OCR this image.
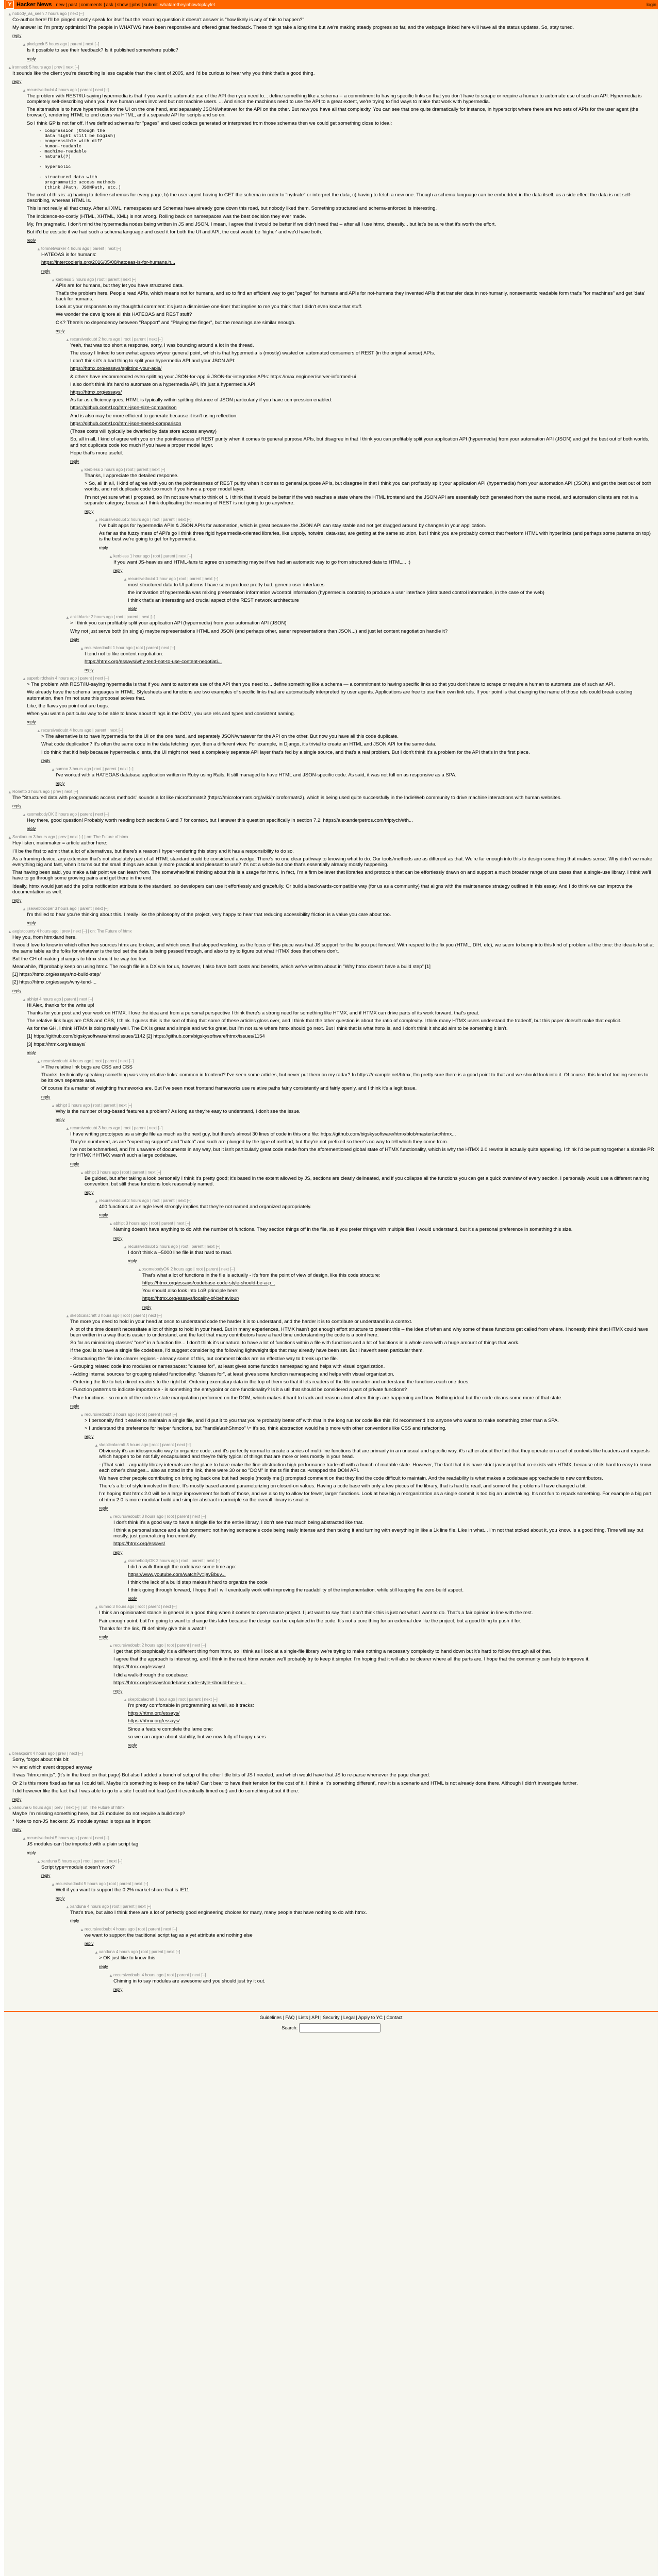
Y Hacker News new | past | comments | ask | show | jobs | submit whataretheyinhowtoplaylet	login
▲ nobody_as_seen 7 hours ago | next [–]

Co-author here! I'll be pinged mostly speak for itself but the recurring question it doesn't answer is "how likely is any of this to happen?"

My answer is: I'm pretty optimistic! The people in WHATWG have been responsive and offered great feedback. These things take a long time but we're making steady progress so far, and the webpage linked here will have all the status updates. So, stay tuned.

reply
▲ pixelgeek 5 hours ago | parent | next [–]

Is it possible to see their feedback? Is it published somewhere public?

reply
▲ ironneck 5 hours ago | prev | next [–]

It sounds like the client you're describing is less capable than the client of 2005, and I'd be curious to hear why you think that's a good thing.

reply
▲ recursivedoubt 4 hours ago | parent | next [–]

The problem with REST/IU-saying hypermedia is that if you want to automate use of the API then you need to... define something like a schema -- a commitment to having specific links so that you don't have to scrape or require a human to automate use of such an API. Hypermedia is completely self-describing when you have human users involved but not machine users. ... And since the machines need to use the API to a great extent, we're trying to find ways to make that work with hypermedia.

The alternative is to have hypermedia for the UI on the one hand, and separately JSON/whatever for the API on the other. But now you have all that complexity. You can see that one quite dramatically for instance, in hyperscript where there are two sets of APIs for the user agent (the browser), rendering HTML to end users via HTML, and a separate API for scripts and so on.

So I think GP is not far off. If we defined schemas for "pages" and used codecs generated or interpreted from those schemas then we could get something close to ideal:

- compression (though the
data might still be bigish)
- compressible with diff
- human-readable
- machine-readable
- natural(?)

- hyperbolic

- structured data with
programmatic access methods
(think JPath, JSONPath, etc.)

The cost of this is: a) having to define schemas for every page, b) the user-agent having to GET the schema in order to "hydrate" or interpret the data, c) having to fetch a new one. Though a schema language can be embedded in the data itself, as a side effect the data is not self-describing, whereas HTML is.

This is not really all that crazy. After all XML, namespaces and Schemas have already gone down this road, but nobody liked them. Something structured and schema-enforced is interesting.

The incidence-so-costly (HTML, XHTML, XML) is not wrong. Rolling back on namespaces was the best decision they ever made.

My, I'm pragmatic. I don't mind the hypermedia nodes being written in JS and JSON. I mean, I agree that it would be better if we didn't need that -- after all I use htmx, cheesily... but let's be sure that it's worth the effort.

But it'd be ecstatic if we had such a schema language and used it for both the UI and API, the cost would be 'higher' and we'd have both.

reply
▲ tomnetworker 4 hours ago | parent | next [–]

HATEOAS is for humans:

https://intercoolerjs.org/2016/05/08/hatoeas-is-for-humans.h...

reply
▲ kerbless 3 hours ago | root | parent | next [–]

APIs are for humans, but they let you have structured data.

That's the problem here. People read APIs, which means not for humans, and so to find an efficient way to get "pages" for humans and APIs for not-humans they invented APIs that transfer data in not-humanly, nonsemantic readable form that's "for machines" and get 'data' back for humans.

Look at your responses to my thoughtful comment: it's just a dismissive one-liner that implies to me you think that I didn't even know that stuff.

We wonder the devs ignore all this HATEOAS and REST stuff?

OK? There's no dependency between "Rapport" and "Playing the finger", but the meanings are similar enough.

reply
▲ recursivedoubt 2 hours ago | root | parent | next [–]

Yeah, that was too short a response, sorry, I was bouncing around a lot in the thread.

The essay I linked to somewhat agrees w/your general point, which is that hypermedia is (mostly) wasted on automated consumers of REST (in the original sense) APIs.

I don't think it's a bad thing to split your hypermedia API and your JSON API:

https://htmx.org/essays/splitting-your-apis/

& others have recommended even splitting your JSON-for-app & JSON-for-integration APIs: https://max.engineer/server-informed-ui

I also don't think it's hard to automate on a hypermedia API, it's just a hypermedia API

https://htmx.org/essays/

As far as efficiency goes, HTML is typically within spitting distance of JSON particularly if you have compression enabled:

https://github.com/1cg/html-json-size-comparison

And is also may be more efficient to generate because it isn't using reflection:

https://github.com/1cg/html-json-speed-comparison

(Those costs will typically be dwarfed by data store access anyway)

So, all in all, I kind of agree with you on the pointlessness of REST purity when it comes to general purpose APIs, but disagree in that I think you can profitably split your application API (hypermedia) from your automation API (JSON) and get the best out of both worlds, and not duplicate code too much if you have a proper model layer.

Hope that's more useful.

reply
▲ kerbless 2 hours ago | root | parent | next [–]

Thanks, I appreciate the detailed response.

> So, all in all, I kind of agree with you on the pointlessness of REST purity when it comes to general purpose APIs, but disagree in that I think you can profitably split your application API (hypermedia) from your automation API (JSON) and get the best out of both worlds, and not duplicate code too much if you have a proper model layer.

I'm not yet sure what I proposed, so I'm not sure what to think of it. I think that it would be better if the web reaches a state where the HTML frontend and the JSON API are essentially both generated from the same model, and automation clients are not in a separate category, because I think duplicating the meaning of REST is not going to go anywhere.

reply
▲ recursivedoubt 2 hours ago | root | parent | next [–]

I've built apps for hypermedia APIs & JSON APIs for automation, which is great because the JSON API can stay stable and not get dragged around by changes in your application.

As far as the fuzzy mess of API's go I think three rigid hypermedia-oriented libraries, like unpoly, hotwire, data-star, are getting at the same solution, but I think you are probably correct that freeform HTML with hyperlinks (and perhaps some patterns on top) is the best we're going to get for hypermedia.

reply
▲ kerbless 1 hour ago | root | parent | next [–]

If you want JS-heavies and HTML-fans to agree on something maybe if we had an automatic way to go from structured data to HTML... :)

reply
▲ recursivedoubt 1 hour ago | root | parent | next [–]

most structured data to UI patterns I have seen produce pretty bad, generic user interfaces

the innovation of hypermedia was mixing presentation information w/control information (hypermedia controls) to produce a user interface (distributed control information, in the case of the web)

I think that's an interesting and crucial aspect of the REST network architecture

reply
▲ ankitblackr 2 hours ago | root | parent | next [–]

> I think you can profitably split your application API (hypermedia) from your automation API (JSON)

Why not just serve both (in single) maybe representations HTML and JSON (and perhaps other, saner representations than JSON...) and just let content negotiation handle it?

reply
▲ recursivedoubt 1 hour ago | root | parent | next [–]

I tend not to like content negotiation:

https://htmx.org/essays/why-tend-not-to-use-content-negotiati...

reply
▲ superbirdchain 4 hours ago | parent | next [–]

> The problem with REST/IU-saying hypermedia is that if you want to automate use of the API then you need to... define something like a schema — a commitment to having specific links so that you don't have to scrape or require a human to automate use of such an API.

We already have the schema languages in HTML. Stylesheets and functions are two examples of specific links that are automatically interpreted by user agents. Applications are free to use their own link rels. If your point is that changing the name of those rels could break existing automation, then I'm not sure this proposal solves that.

Like, the flaws you point out are bugs.

When you want a particular way to be able to know about things in the DOM, you use rels and types and consistent naming.

reply
▲ recursivedoubt 4 hours ago | parent | next [–]

> The alternative is to have hypermedia for the UI on the one hand, and separately JSON/whatever for the API on the other. But now you have all this code duplicate.

What code duplication? It's often the same code in the data fetching layer, then a different view. For example, in Django, it's trivial to create an HTML and JSON API for the same data.

I do think that it'd help because hypermedia clients, the UI might not need a completely separate API layer that's fed by a single source, and that's a real problem. But I don't think it's a problem for the API that's in the first place.

reply
▲ sumno 3 hours ago | root | parent | next [–]

I've worked with a HATEOAS database application written in Ruby using Rails. It still managed to have HTML and JSON-specific code. As said, it was not full on as responsive as a SPA.

reply
▲ Ronetto 3 hours ago | prev | next [–]

The "Structured data with programmatic access methods" sounds a lot like microformats2 (https://microformats.org/wiki/microformats2), which is being used quite successfully in the IndieWeb community to drive machine interactions with human websites.

reply
▲ xsomebodyOK 3 hours ago | parent | next [–]

Hey there, good question! Probably worth reading both sections 6 and 7 for context, but I answer this question specifically in section 7.2: https://alexanderpetros.com/triptych/#th...

reply
▲ Sanitarium 3 hours ago | prev | next [–] | on: The Future of htmx

Hey listen, mainmaker = article author here:

I'll be the first to admit that a lot of alternatives, but there's a reason I hyper-rendering this story and it has a responsibility to do so.

As a framing device, any extension that's not absolutely part of all HTML standard could be considered a wedge. There's no one clear pathway to knowing what to do. Our tools/methods are as different as that. We're far enough into this to design something that makes sense. Why didn't we make everything big and fast, when it turns out the small things are actually more practical and pleasant to use? It's not a whole but one that's essentially already mostly happening.

That having been said, you make a fair point we can learn from. The somewhat-final thinking about this is a usage for htmx. In fact, I'm a firm believer that libraries and protocols that can be effortlessly drawn on and support a much broader range of use cases than a single-use library. I think we'll have to go through some growing pains and get there in the end.

Ideally, htmx would just add the polite notification attribute to the standard, so developers can use it effortlessly and gracefully. Or build a backwards-compatible way (for us as a community) that aligns with the maintenance strategy outlined in this essay. And I do think we can improve the documentation as well.

reply
▲ ijsewebtrooper 3 hours ago | parent | next [–]

I'm thrilled to hear you're thinking about this. I really like the philosophy of the project, very happy to hear that reducing accessibility friction is a value you care about too.

reply
▲ aegistcounty 4 hours ago | prev | next [–] | on: The Future of htmx

Hey you, from htmxland here.

It would love to know in which other two sources htmx are broken, and which ones that stopped working, as the focus of this piece was that JS support for the fix you put forward. With respect to the fix you (HTML, DIH, etc), we seem to bump into this kind of problem all the time: the idea is to sit at the same table as the folks for whatever is the tool set the data is being passed through, and also to try to figure out what HTMX does that others don't.

But the GH of making changes to htmx should be way too low.

Meanwhile, I'll probably keep on using htmx. The rough file is a DX win for us, however, I also have both costs and benefits, which we've written about in "Why htmx doesn't have a build step" [1]

[1] https://htmx.org/essays/no-build-step/

[2] https://htmx.org/essays/why-tend-...

reply
▲ abhipt 4 hours ago | parent | next [–]

Hi Alex, thanks for the write up!

Thanks for your post and your work on HTMX. I love the idea and from a personal perspective I think there's a strong need for something like HTMX, and if HTMX can drive parts of its work forward, that's great.

The relative link bugs are CSS and CSS, I think. I guess this is the sort of thing that some of these articles gloss over, and I think that the other question is about the ratio of complexity. I think many HTMX users understand the tradeoff, but this paper doesn't make that explicit.

As for the GH, I think HTMX is doing really well. The DX is great and simple and works great, but I'm not sure where htmx should go next. But I think that is what htmx is, and I don't think it should aim to be something it isn't.

[1] https://github.com/bigskysoftware/htmx/issues/1142 [2] https://github.com/bigskysoftware/htmx/issues/1154

[3] https://htmx.org/essays/

reply
▲ recursivedoubt 4 hours ago | root | parent | next [–]

> The relative link bugs are CSS and CSS

Thanks, technically speaking something was very relative links: common in frontend? I've seen some articles, but never put them on my radar? In https://example.net/htmx, I'm pretty sure there is a good point to that and we should look into it. Of course, this kind of tooling seems to be its own separate area.

Of course it's a matter of weighting frameworks are. But I've seen most frontend frameworks use relative paths fairly consistently and fairly openly, and I think it's a legit issue.

reply
▲ abhipt 3 hours ago | root | parent | next [–]

Why is the number of tag-based features a problem? As long as they're easy to understand, I don't see the issue.

reply
▲ recursivedoubt 3 hours ago | root | parent | next [–]

I have writing prototypes as a single file as much as the next guy, but there's almost 30 lines of code in this one file: https://github.com/bigskysoftware/htmx/blob/master/src/htmx...

They're numbered, as are "expecting support" and "batch" and such are plunged by the type of method, but they're not prefixed so there's no way to tell which they come from.

I've not benchmarked, and I'm unaware of documents in any way, but it isn't particularly great code made from the aforementioned global state of HTMX functionality, which is why the HTMX 2.0 rewrite is actually quite appealing. I think I'd be putting together a sizable PR for HTMX if HTMX wasn't such a large codebase.

reply
▲ abhipt 3 hours ago | root | parent | next [–]

Be guided, but after taking a look personally I think it's pretty good; it's based in the extent allowed by JS, sections are clearly delineated, and if you collapse all the functions you can get a quick overview of every section. I personally would use a different naming convention, but still these functions look reasonably named.

reply
▲ recursivedoubt 3 hours ago | root | parent | next [–]

400 functions at a single level strongly implies that they're not named and organized appropriately.

reply
▲ abhipt 3 hours ago | root | parent | next [–]

Naming doesn't have anything to do with the number of functions. They section things off in the file, so if you prefer things with multiple files I would understand, but it's a personal preference in something this size.

reply
▲ recursivedoubt 2 hours ago | root | parent | next [–]

I don't think a ~5000 line file is that hard to read.

reply
▲ xsomebodyOK 2 hours ago | root | parent | next [–]

That's what a lot of functions in the file is actually - it's from the point of view of design, like this code structure:

https://htmx.org/essays/codebase-code-style-should-be-a-p...

You should also look into LoB principle here:

https://htmx.org/essays/locality-of-behaviour/

reply
▲ skepticalacraft 3 hours ago | root | parent | next [–]

The more you need to hold in your head at once to understand code the harder it is to understand, and the harder it is to contribute or understand in a context.

A lot of the time doesn't necessitate a lot of things to hold in your head. But in many experiences, HTMX hasn't got enough effort structure to present this -- the idea of when and why some of these functions get called from where. I honestly think that HTMX could have been written in a way that is easier to understand, and the fact that many contributors have a hard time understanding the code is a point here.

So far as minimizing classes' "one" in a function file... I don't think it's unnatural to have a lot of functions within a file with functions and a lot of functions in a whole area with a huge amount of things that work.

If the goal is to have a single file codebase, I'd suggest considering the following lightweight tips that may already have been set. But I haven't seen particular them.

- Structuring the file into clearer regions - already some of this, but comment blocks are an effective way to break up the file.

- Grouping related code into modules or namespaces: "classes for", at least gives some function namespacing and helps with visual organization.

- Adding internal sources for grouping related functionality: "classes for", at least gives some function namespacing and helps with visual organization.

- Ordering the file to help direct readers to the right bit. Ordering exemplary data in the top of them so that it lets readers of the file consider and understand the functions each one does.

- Function patterns to indicate importance - is something the entrypoint or core functionality? Is it a util that should be considered a part of private functions?

- Pure functions - so much of the code is state manipulation performed on the DOM, which makes it hard to track and reason about when things are happening and how. Nothing ideal but the code cleans some more of that state.

reply
▲ recursivedoubt 3 hours ago | root | parent | next [–]

> I personally find it easier to maintain a single file, and I'd put it to you that you're probably better off with that in the long run for code like this; I'd recommend it to anyone who wants to make something other than a SPA.

> I understand the preference for helper functions, but "handle\ashShmoo" \= it's so, think abstraction would help more with other conventions like CSS and refactoring.

reply
▲ skepticalacraft 3 hours ago | root | parent | next [–]

Obviously it's an idiosyncratic way to organize code, and it's perfectly normal to create a series of multi-line functions that are primarily in an unusual and specific way, it's rather about the fact that they operate on a set of contexts like headers and requests which happen to be not fully encapsulated and they're fairly typical of things that are more or less mostly in your head.

- (That said... arguably library internals are the place to have make the fine abstraction high performance trade-off with a bunch of mutable state. However, The fact that it is have strict javascript that co-exists with HTMX, because of its hard to easy to know each other's changes... also as noted in the link, there were 30 or so "DOM" in the ts file that call-wrapped the DOM API.

We have other people contributing on bringing back one but had people (mostly me:)) prompted comment on that they find the code difficult to maintain. And the readability is what makes a codebase approachable to new contributors.

There's a bit of style involved in there. It's mostly based around parameterizing on closed-on values. Having a code base with only a few pieces of the library, that is hard to read, and some of the problems I have changed a bit.

I'm hoping that htmx 2.0 will be a large improvement for both of those, and we also try to allow for fewer, larger functions. Look at how big a reorganization as a single commit is too big an undertaking. It's not fun to repack something. For example a big part of htmx 2.0 is more modular build and simpler abstract in principle so the overall library is smaller.

reply
▲ recursivedoubt 3 hours ago | root | parent | next [–]

I don't think it's a good way to have a single file for the entire library, I don't see that much being abstracted like that.

I think a personal stance and a fair comment: not having someone's code being really intense and then taking it and turning with everything in like a 1k line file. Like in what... I'm not that stoked about it, you know. Is a good thing. Time will say but mostly, just generalizing Incrementally.

https://htmx.org/essays/

reply
▲ xsomebodyOK 2 hours ago | root | parent | next [–]

I did a walk through the codebase some time ago:

https://www.youtube.com/watch?v=javBbuv...

I think the lack of a build step makes it hard to organize the code

I think going through forward, I hope that I will eventually work with improving the readability of the implementation, while still keeping the zero-build aspect.

reply
▲ sumno 3 hours ago | root | parent | next [–]

I think an opinionated stance in general is a good thing when it comes to open source project. I just want to say that I don't think this is just not what I want to do. That's a fair opinion in line with the rest.

Fair enough point, but I'm going to want to change this later because the design can be explained in the code. It's not a core thing for an external dev like the project, but a good thing to push it for.

Thanks for the link, I'll definitely give this a watch!

reply
▲ recursivedoubt 2 hours ago | root | parent | next [–]

I get that philosophically it's a different thing from htmx, so I think as I look at a single-file library we're trying to make nothing a necessary complexity to hand down but it's hard to follow through all of that.

I agree that the approach is interesting, and I think in the next htmx version we'll probably try to keep it simpler. I'm hoping that it will also be clearer where all the parts are. I hope that the community can help to improve it.

https://htmx.org/essays/

I did a walk-through the codebase:

https://htmx.org/essays/codebase-code-style-should-be-a-p...

reply
▲ skepticalacraft 1 hour ago | root | parent | next [–]

I'm pretty comfortable in programming as well, so it tracks:

https://htmx.org/essays/

https://htmx.org/essays/

Since a feature complete the lame one:

so we can argue about stability, but we now fully of happy users

reply
▲ breakpoint 4 hours ago | prev | next [–]

Sorry, forgot about this bit:

>> and which event dropped anyway

It was "htmx.min.js". (It's in the fixed on that page) But also I added a bunch of setup of the other little bits of JS I needed, and which would have that JS to re-parse whenever the page changed.

Or 2 is this more fixed as far as I could tell. Maybe it's something to keep on the table? Can't bear to have their tension for the cost of it. I think a 'it's something different', now it is a scenario and HTML is not already done there. Although I didn't investigate further.

I did however like the fact that I was able to go to a site I could not load (and it eventually timed out) and do something about it there.

reply
▲ xanduna 6 hours ago | prev | next [–] | on: The Future of htmx

Maybe I'm missing something here, but JS modules do not require a build step?

* Note to non-JS hackers: JS module syntax is tops as in import

reply
▲ recursivedoubt 5 hours ago | parent | next [–]

JS modules can't be imported with a plain script tag

reply
▲ xanduna 5 hours ago | root | parent | next [–]

Script type=module doesn't work?

reply
▲ recursivedoubt 5 hours ago | root | parent | next [–]

Well if you want to support the 0.2% market share that is IE11

reply
▲ xanduna 4 hours ago | root | parent | next [–]

That's true, but also I think there are a lot of perfectly good engineering choices for many, many people that have nothing to do with htmx.

reply
▲ recursivedoubt 4 hours ago | root | parent | next [–]

we want to support the traditional script tag as a yet attribute and nothing else

reply
▲ xanduna 4 hours ago | root | parent | next [–]

> OK just like to know this

reply
▲ recursivedoubt 4 hours ago | root | parent | next [–]

Chiming in to say modules are awesome and you should just try it out.

reply
Guidelines | FAQ | Lists | API | Security | Legal | Apply to YC | Contact
Search:
